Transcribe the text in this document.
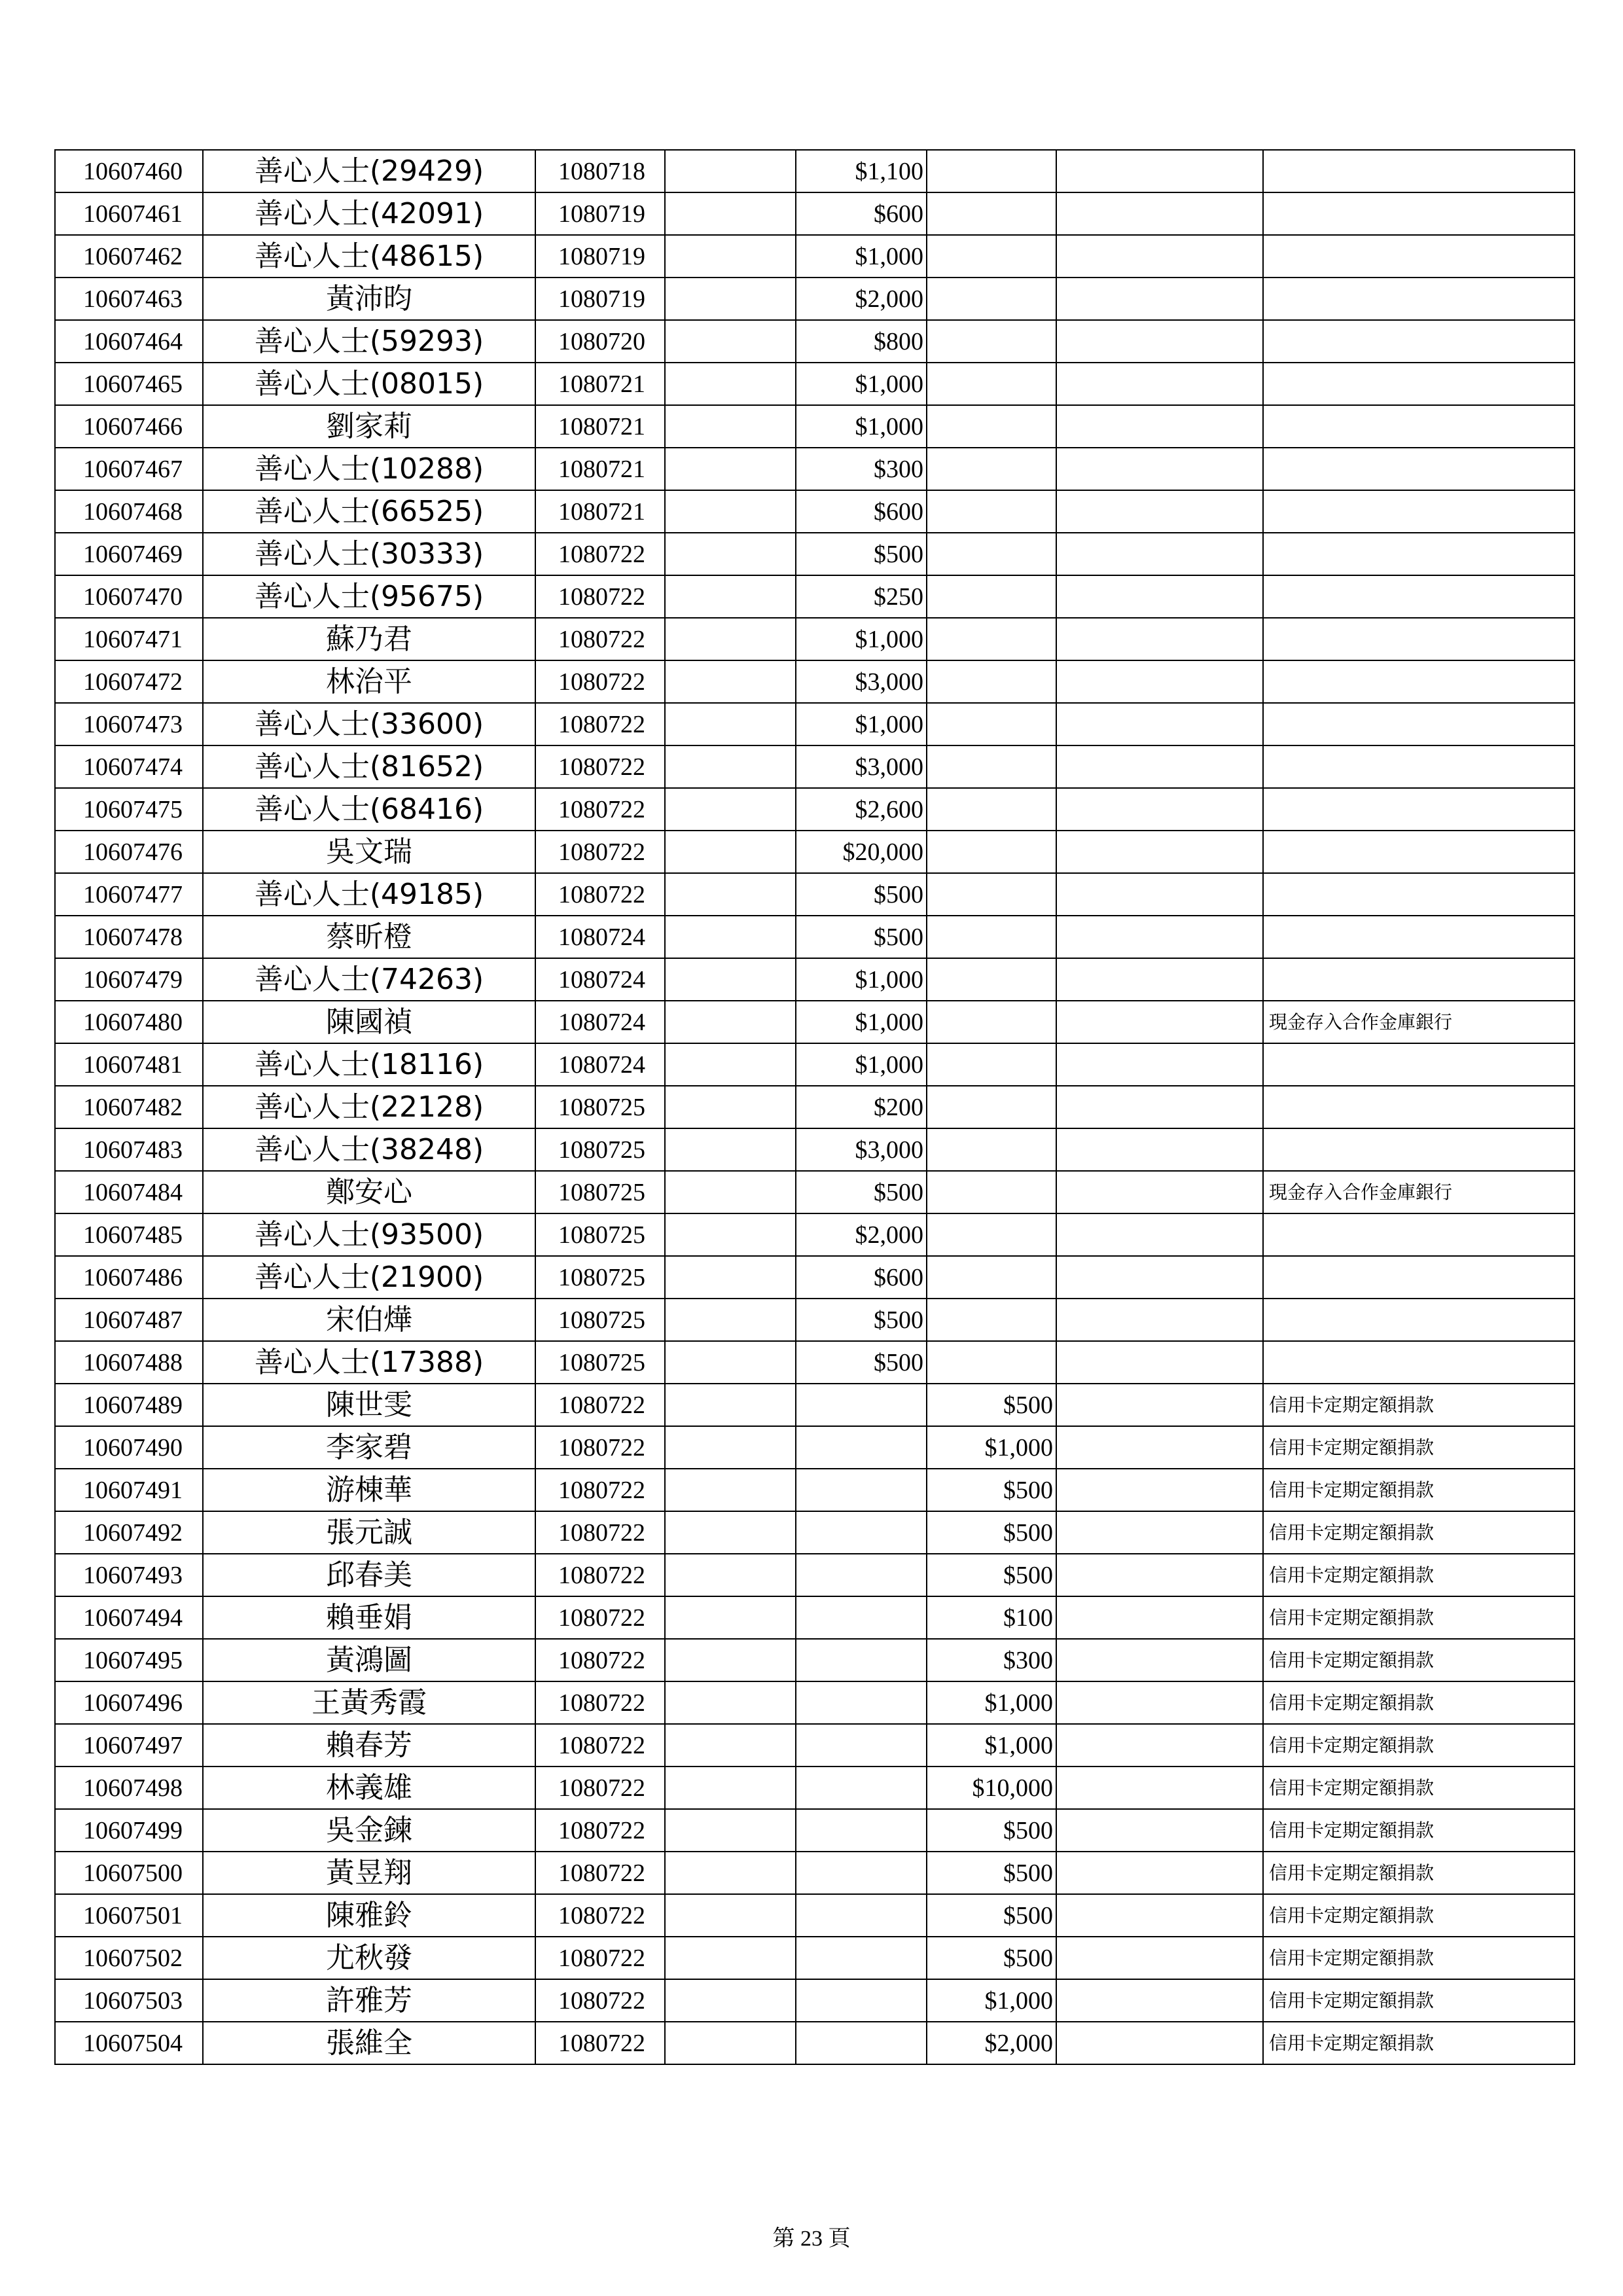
10607460	善心人士(29429)	1080718		$1,100			
10607461	善心人士(42091)	1080719		$600			
10607462	善心人士(48615)	1080719		$1,000			
10607463	黃沛昀	1080719		$2,000			
10607464	善心人士(59293)	1080720		$800			
10607465	善心人士(08015)	1080721		$1,000			
10607466	劉家莉	1080721		$1,000			
10607467	善心人士(10288)	1080721		$300			
10607468	善心人士(66525)	1080721		$600			
10607469	善心人士(30333)	1080722		$500			
10607470	善心人士(95675)	1080722		$250			
10607471	蘇乃君	1080722		$1,000			
10607472	林治平	1080722		$3,000			
10607473	善心人士(33600)	1080722		$1,000			
10607474	善心人士(81652)	1080722		$3,000			
10607475	善心人士(68416)	1080722		$2,600			
10607476	吳文瑞	1080722		$20,000			
10607477	善心人士(49185)	1080722		$500			
10607478	蔡昕橙	1080724		$500			
10607479	善心人士(74263)	1080724		$1,000			
10607480	陳國禎	1080724		$1,000			現金存入合作金庫銀行
10607481	善心人士(18116)	1080724		$1,000			
10607482	善心人士(22128)	1080725		$200			
10607483	善心人士(38248)	1080725		$3,000			
10607484	鄭安心	1080725		$500			現金存入合作金庫銀行
10607485	善心人士(93500)	1080725		$2,000			
10607486	善心人士(21900)	1080725		$600			
10607487	宋伯燁	1080725		$500			
10607488	善心人士(17388)	1080725		$500			
10607489	陳世雯	1080722			$500		信用卡定期定額捐款
10607490	李家碧	1080722			$1,000		信用卡定期定額捐款
10607491	游棟華	1080722			$500		信用卡定期定額捐款
10607492	張元誠	1080722			$500		信用卡定期定額捐款
10607493	邱春美	1080722			$500		信用卡定期定額捐款
10607494	賴垂娟	1080722			$100		信用卡定期定額捐款
10607495	黃鴻圖	1080722			$300		信用卡定期定額捐款
10607496	王黃秀霞	1080722			$1,000		信用卡定期定額捐款
10607497	賴春芳	1080722			$1,000		信用卡定期定額捐款
10607498	林義雄	1080722			$10,000		信用卡定期定額捐款
10607499	吳金鍊	1080722			$500		信用卡定期定額捐款
10607500	黃昱翔	1080722			$500		信用卡定期定額捐款
10607501	陳雅鈴	1080722			$500		信用卡定期定額捐款
10607502	尤秋發	1080722			$500		信用卡定期定額捐款
10607503	許雅芳	1080722			$1,000		信用卡定期定額捐款
10607504	張維全	1080722			$2,000		信用卡定期定額捐款
第 23 頁
